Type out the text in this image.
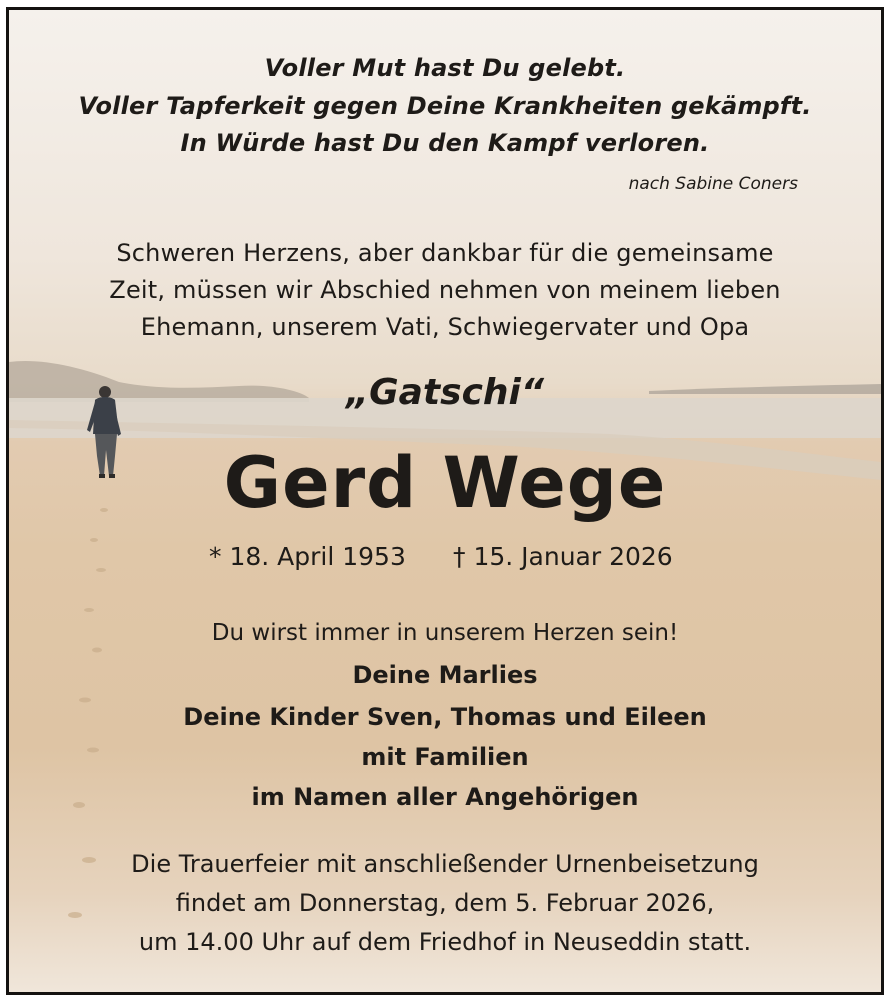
Voller Mut hast Du gelebt.

Voller Tapferkeit gegen Deine Krankheiten gekämpft.

In Würde hast Du den Kampf verloren.

nach Sabine Coners

Schweren Herzens, aber dankbar für die gemeinsame

Zeit, müssen wir Abschied nehmen von meinem lieben

Ehemann, unserem Vati, Schwiegervater und Opa

„Gatschi“

Gerd Wege

* 18. April 1953 † 15. Januar 2026

Du wirst immer in unserem Herzen sein!

Deine Marlies

Deine Kinder Sven, Thomas und Eileen

mit Familien

im Namen aller Angehörigen

Die Trauerfeier mit anschließender Urnenbeisetzung

findet am Donnerstag, dem 5. Februar 2026,

um 14.00 Uhr auf dem Friedhof in Neuseddin statt.
